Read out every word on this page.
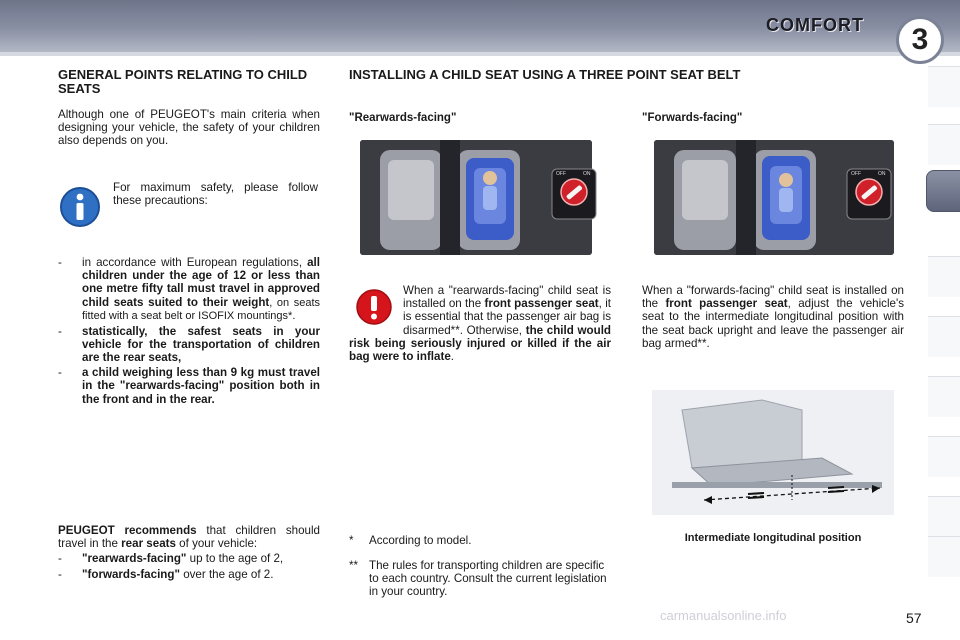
COMFORT	3
GENERAL POINTS RELATING TO CHILD SEATS
Although one of PEUGEOT's main criteria when designing your vehicle, the safety of your children also depends on you.
For maximum safety, please follow these precautions:
-	in accordance with European regulations, all children under the age of 12 or less than one metre fifty tall must travel in approved child seats suited to their weight, on seats fitted with a seat belt or ISOFIX mountings*.
-	statistically, the safest seats in your vehicle for the transportation of children are the rear seats,
-	a child weighing less than 9 kg must travel in the "rearwards-facing" position both in the front and in the rear.
PEUGEOT recommends that children should travel in the rear seats of your vehicle:
-	"rearwards-facing" up to the age of 2,
-	"forwards-facing" over the age of 2.
INSTALLING A CHILD SEAT USING A THREE POINT SEAT BELT
"Rearwards-facing"
OFF	ON
When a "rearwards-facing" child seat is installed on the front passenger seat, it is essential that the passenger air bag is disarmed**. Otherwise, the child would risk being seriously injured or killed if the air bag were to inflate.
"Forwards-facing"
OFF	ON
When a "forwards-facing" child seat is installed on the front passenger seat, adjust the vehicle's seat to the intermediate longitudinal position with the seat back upright and leave the passenger air bag armed**.
Intermediate longitudinal position
*	According to model.
** The rules for transporting children are specific to each country. Consult the current legislation in your country.
carmanualsonline.info	57
